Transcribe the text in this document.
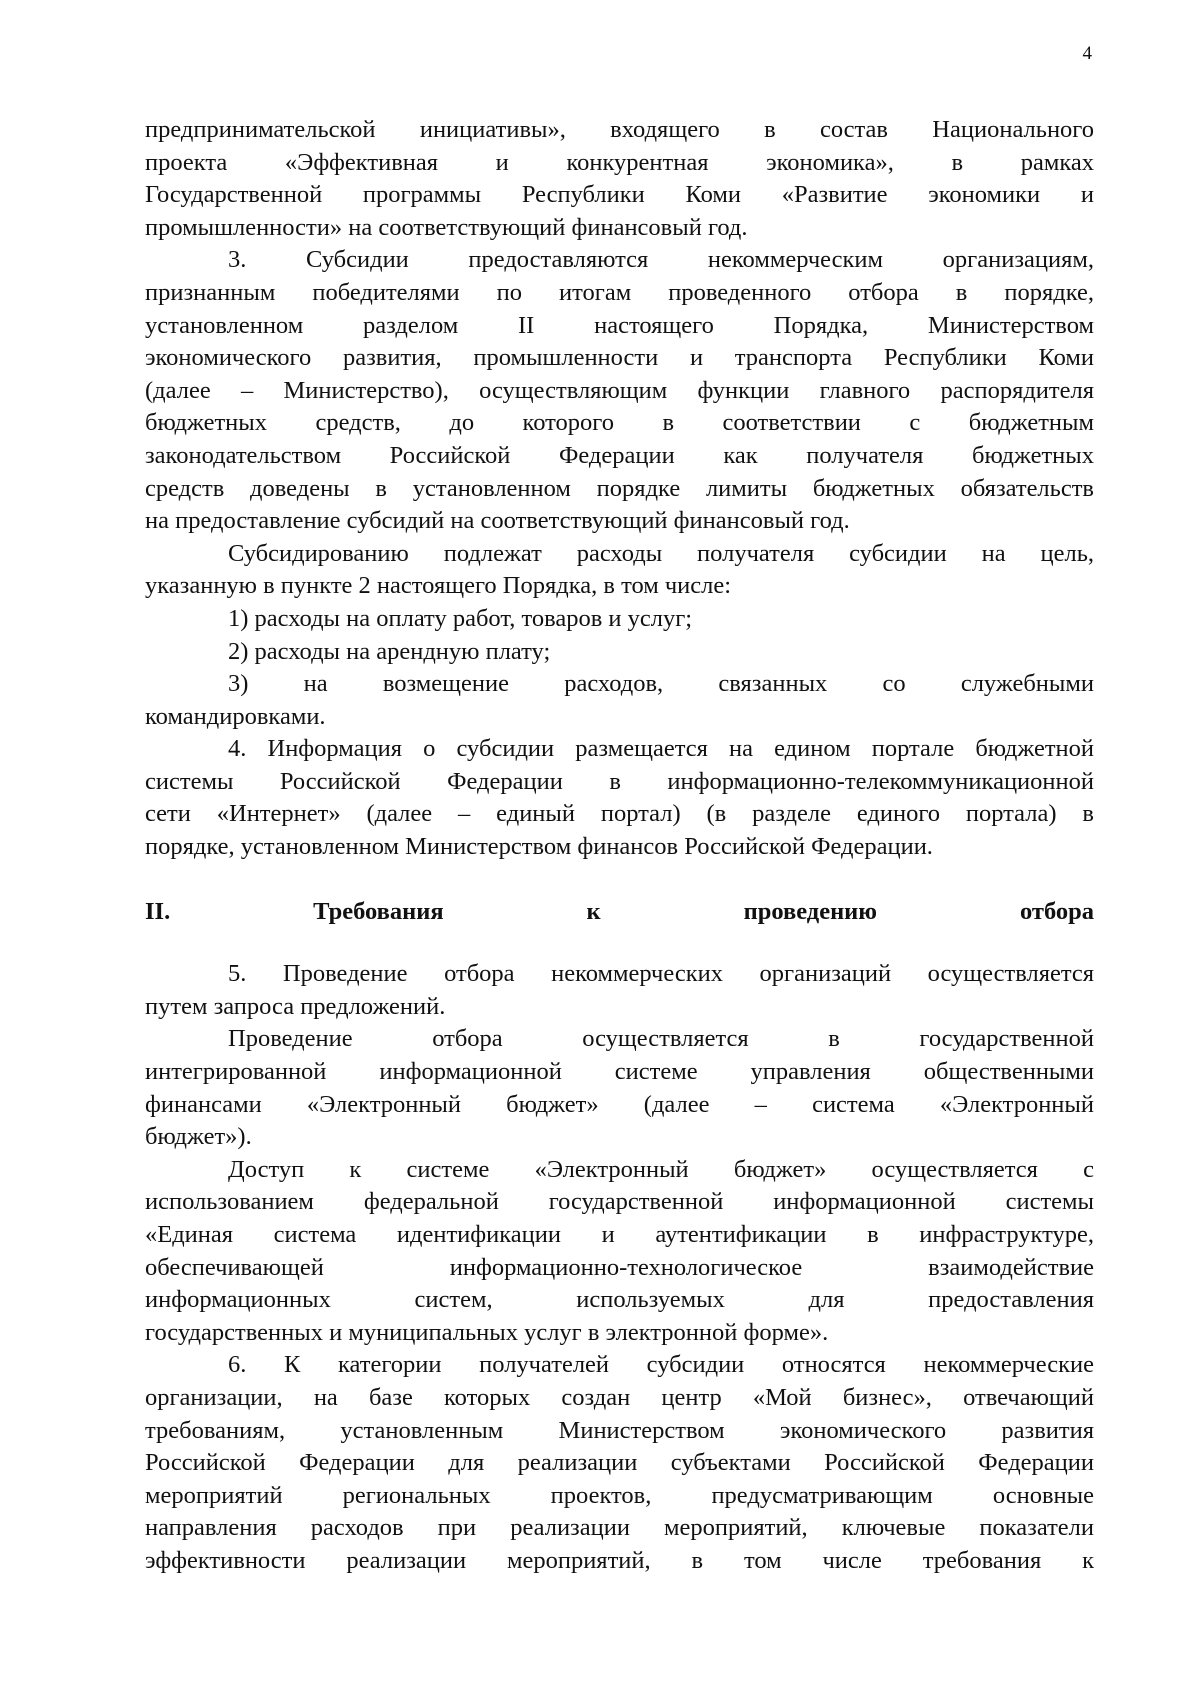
4

предпринимательской инициативы», входящего в состав Национального

проекта «Эффективная и конкурентная экономика», в рамках

Государственной программы Республики Коми «Развитие экономики и

промышленности» на соответствующий финансовый год.

3. Субсидии предоставляются некоммерческим организациям,

признанным победителями по итогам проведенного отбора в порядке,

установленном разделом II настоящего Порядка, Министерством

экономического развития, промышленности и транспорта Республики Коми

(далее – Министерство), осуществляющим функции главного распорядителя

бюджетных средств, до которого в соответствии с бюджетным

законодательством Российской Федерации как получателя бюджетных

средств доведены в установленном порядке лимиты бюджетных обязательств

на предоставление субсидий на соответствующий финансовый год.

Субсидированию подлежат расходы получателя субсидии на цель,

указанную в пункте 2 настоящего Порядка, в том числе:

1) расходы на оплату работ, товаров и услуг;

2) расходы на арендную плату;

3) на возмещение расходов, связанных со служебными

командировками.

4. Информация о субсидии размещается на едином портале бюджетной

системы Российской Федерации в информационно-телекоммуникационной

сети «Интернет» (далее – единый портал) (в разделе единого портала) в

порядке, установленном Министерством финансов Российской Федерации.

II. Требования к проведению отбора

5. Проведение отбора некоммерческих организаций осуществляется

путем запроса предложений.

Проведение отбора осуществляется в государственной

интегрированной информационной системе управления общественными

финансами «Электронный бюджет» (далее – система «Электронный

бюджет»).

Доступ к системе «Электронный бюджет» осуществляется с

использованием федеральной государственной информационной системы

«Единая система идентификации и аутентификации в инфраструктуре,

обеспечивающей информационно-технологическое взаимодействие

информационных систем, используемых для предоставления

государственных и муниципальных услуг в электронной форме».

6. К категории получателей субсидии относятся некоммерческие

организации, на базе которых создан центр «Мой бизнес», отвечающий

требованиям, установленным Министерством экономического развития

Российской Федерации для реализации субъектами Российской Федерации

мероприятий региональных проектов, предусматривающим основные

направления расходов при реализации мероприятий, ключевые показатели

эффективности реализации мероприятий, в том числе требования к
